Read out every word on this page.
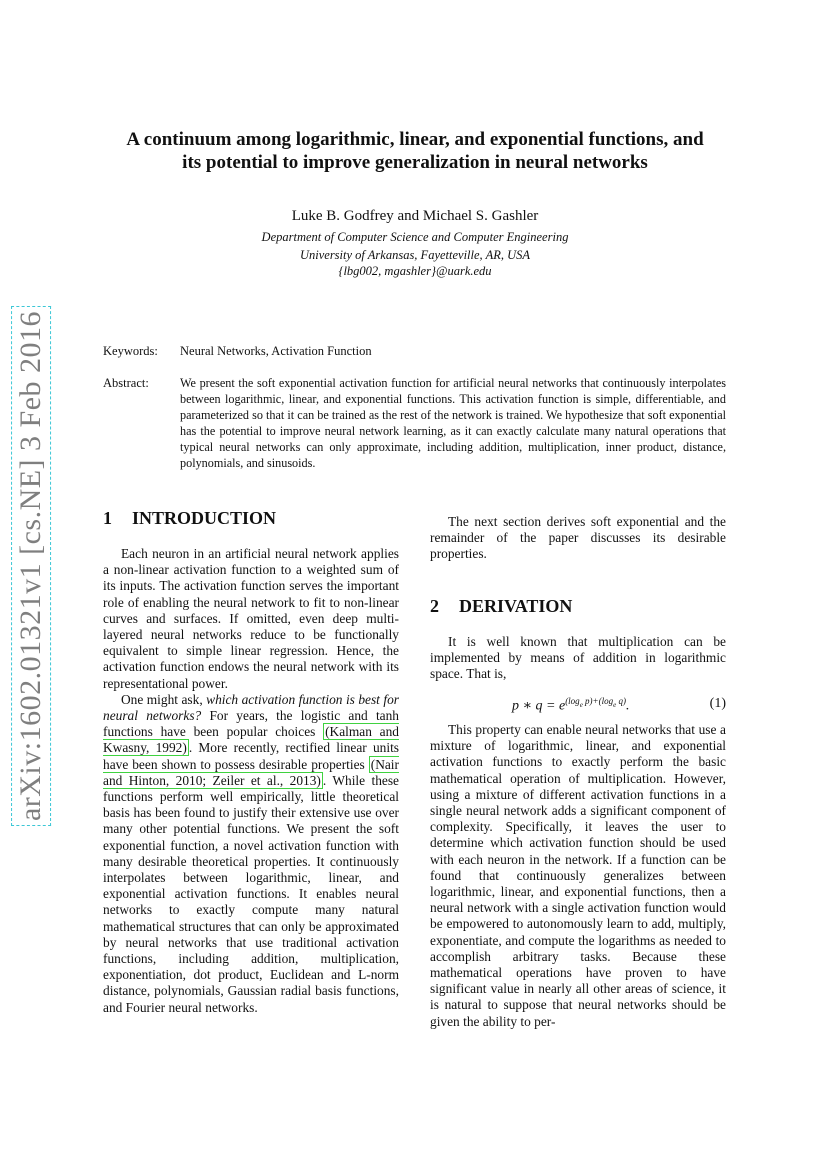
arXiv:1602.01321v1 [cs.NE] 3 Feb 2016
A continuum among logarithmic, linear, and exponential functions, and
its potential to improve generalization in neural networks
Luke B. Godfrey and Michael S. Gashler
Department of Computer Science and Computer Engineering
University of Arkansas, Fayetteville, AR, USA
{lbg002, mgashler}@uark.edu
Keywords: Neural Networks, Activation Function
Abstract:	We present the soft exponential activation function for artificial neural networks that continuously interpolates between logarithmic, linear, and exponential functions. This activation function is simple, differentiable, and parameterized so that it can be trained as the rest of the network is trained. We hypothesize that soft exponential has the potential to improve neural network learning, as it can exactly calculate many natural operations that typical neural networks can only approximate, including addition, multiplication, inner product, distance, polynomials, and sinusoids.
1 INTRODUCTION

Each neuron in an artificial neural network applies a non-linear activation function to a weighted sum of its inputs. The activation function serves the important role of enabling the neural network to fit to non-linear curves and surfaces. If omitted, even deep multi-layered neural networks reduce to be functionally equivalent to simple linear regression. Hence, the activation function endows the neural network with its representational power.

One might ask, which activation function is best for neural networks? For years, the logistic and tanh functions have been popular choices (Kalman and Kwasny, 1992) . More recently, rectified linear units have been shown to possess desirable properties (Nair and Hinton, 2010; Zeiler et al., 2013) . While these functions perform well empirically, little theoretical basis has been found to justify their extensive use over many other potential functions. We present the soft exponential function, a novel activation function with many desirable theoretical properties. It continuously interpolates between logarithmic, linear, and exponential activation functions. It enables neural networks to exactly compute many natural mathematical structures that can only be approximated by neural networks that use traditional activation functions, including addition, multiplication, exponentiation, dot product, Euclidean and L-norm distance, polynomials, Gaussian radial basis functions, and Fourier neural networks.

The next section derives soft exponential and the remainder of the paper discusses its desirable properties.

2 DERIVATION

It is well known that multiplication can be implemented by means of addition in logarithmic space. That is,

p ∗ $q = e^{(log_e p)+(log_e q)}$.	(1)

This property can enable neural networks that use a mixture of logarithmic, linear, and exponential activation functions to exactly perform the basic mathematical operation of multiplication. However, using a mixture of different activation functions in a single neural network adds a significant component of complexity. Specifically, it leaves the user to determine which activation function should be used with each neuron in the network. If a function can be found that continuously generalizes between logarithmic, linear, and exponential functions, then a neural network with a single activation function would be empowered to autonomously learn to add, multiply, exponentiate, and compute the logarithms as needed to accomplish arbitrary tasks. Because these mathematical operations have proven to have significant value in nearly all other areas of science, it is natural to suppose that neural networks should be given the ability to per-
